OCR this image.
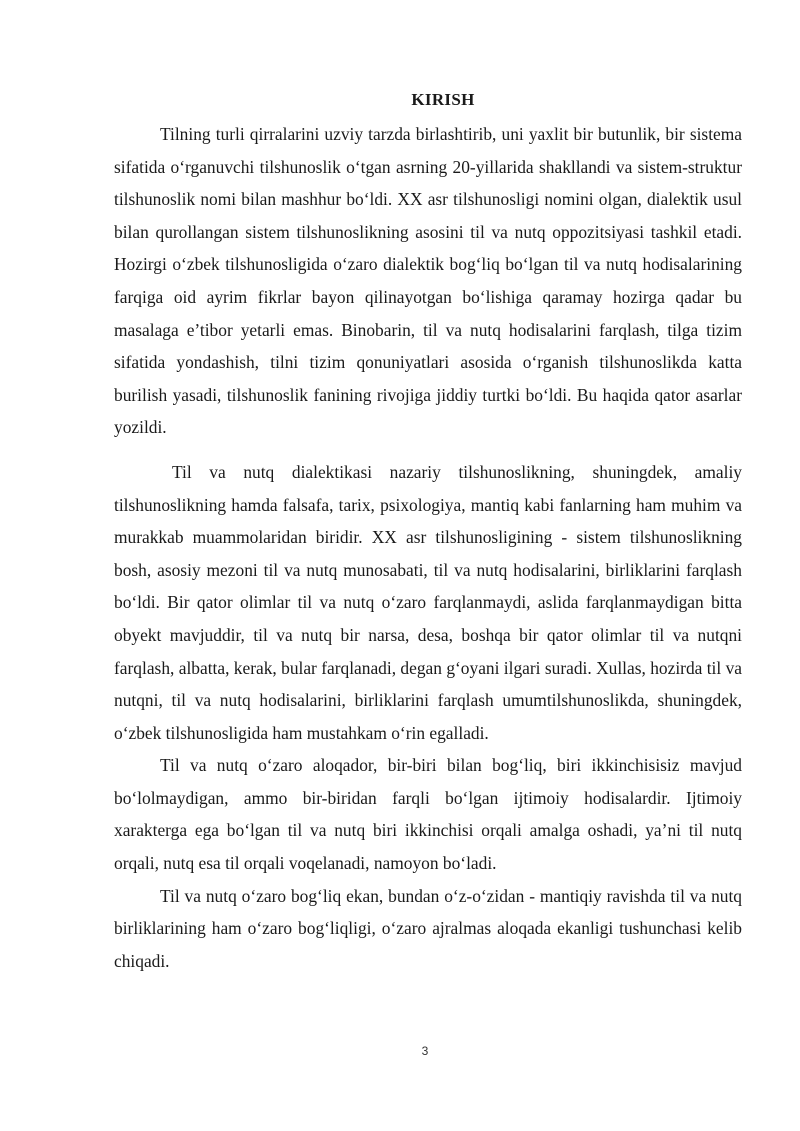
KIRISH

Tilning turli qirralarini uzviy tarzda birlashtirib, uni yaxlit bir butunlik, bir sistema sifatida o‘rganuvchi tilshunoslik o‘tgan asrning 20-yillarida shakllandi va sistem-struktur tilshunoslik nomi bilan mashhur bo‘ldi. XX asr tilshunosligi nomini olgan, dialektik usul bilan qurollangan sistem tilshunoslikning asosini til va nutq oppozitsiyasi tashkil etadi. Hozirgi o‘zbek tilshunosligida o‘zaro dialektik bog‘liq bo‘lgan til va nutq hodisalarining farqiga oid ayrim fikrlar bayon qilinayotgan bo‘lishiga qaramay hozirga qadar bu masalaga e’tibor yetarli emas. Binobarin, til va nutq hodisalarini farqlash, tilga tizim sifatida yondashish, tilni tizim qonuniyatlari asosida o‘rganish tilshunoslikda katta burilish yasadi, tilshunoslik fanining rivojiga jiddiy turtki bo‘ldi. Bu haqida qator asarlar yozildi.

Til va nutq dialektikasi nazariy tilshunoslikning, shuningdek, amaliy tilshunoslikning hamda falsafa, tarix, psixologiya, mantiq kabi fanlarning ham muhim va murakkab muammolaridan biridir. XX asr tilshunosligining - sistem tilshunoslikning bosh, asosiy mezoni til va nutq munosabati, til va nutq hodisalarini, birliklarini farqlash bo‘ldi. Bir qator olimlar til va nutq o‘zaro farqlanmaydi, aslida farqlanmaydigan bitta obyekt mavjuddir, til va nutq bir narsa, desa, boshqa bir qator olimlar til va nutqni farqlash, albatta, kerak, bular farqlanadi, degan g‘oyani ilgari suradi. Xullas, hozirda til va nutqni, til va nutq hodisalarini, birliklarini farqlash umumtilshunoslikda, shuningdek, o‘zbek tilshunosligida ham mustahkam o‘rin egalladi.

Til va nutq o‘zaro aloqador, bir-biri bilan bog‘liq, biri ikkinchisisiz mavjud bo‘lolmaydigan, ammo bir-biridan farqli bo‘lgan ijtimoiy hodisalardir. Ijtimoiy xarakterga ega bo‘lgan til va nutq biri ikkinchisi orqali amalga oshadi, ya’ni til nutq orqali, nutq esa til orqali voqelanadi, namoyon bo‘ladi.

Til va nutq o‘zaro bog‘liq ekan, bundan o‘z-o‘zidan - mantiqiy ravishda til va nutq birliklarining ham o‘zaro bog‘liqligi, o‘zaro ajralmas aloqada ekanligi tushunchasi kelib chiqadi.

3
